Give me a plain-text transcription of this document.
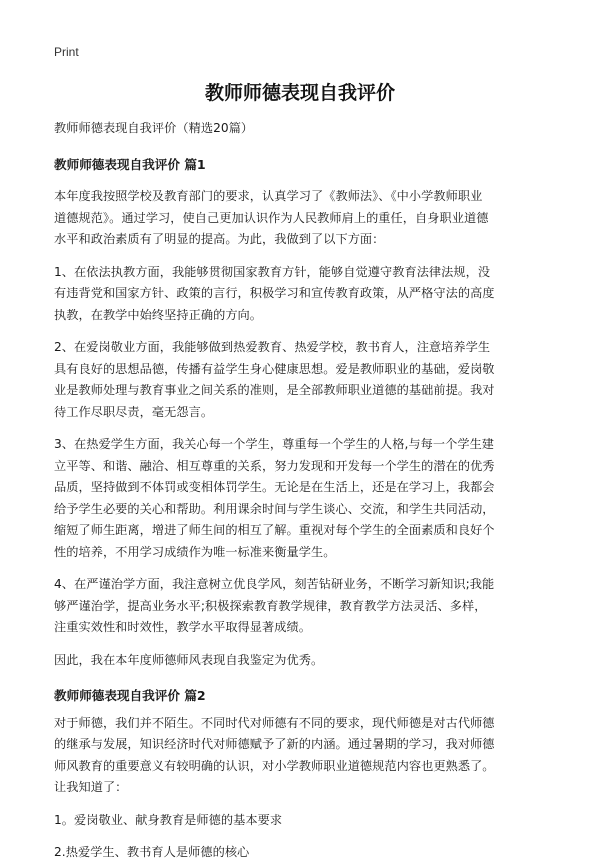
Print
教师师德表现自我评价
教师师德表现自我评价（精选20篇）
教师师德表现自我评价 篇1
本年度我按照学校及教育部门的要求，认真学习了《教师法》、《中小学教师职业
道德规范》。通过学习，使自己更加认识作为人民教师肩上的重任，自身职业道德
水平和政治素质有了明显的提高。为此，我做到了以下方面：
1、在依法执教方面，我能够贯彻国家教育方针，能够自觉遵守教育法律法规，没
有违背党和国家方针、政策的言行，积极学习和宣传教育政策，从严格守法的高度
执教，在教学中始终坚持正确的方向。
2、在爱岗敬业方面，我能够做到热爱教育、热爱学校，教书育人，注意培养学生
具有良好的思想品德，传播有益学生身心健康思想。爱是教师职业的基础，爱岗敬
业是教师处理与教育事业之间关系的准则，是全部教师职业道德的基础前提。我对
待工作尽职尽责，毫无怨言。
3、在热爱学生方面，我关心每一个学生，尊重每一个学生的人格,与每一个学生建
立平等、和谐、融洽、相互尊重的关系，努力发现和开发每一个学生的潜在的优秀
品质，坚持做到不体罚或变相体罚学生。无论是在生活上，还是在学习上，我都会
给予学生必要的关心和帮助。利用课余时间与学生谈心、交流，和学生共同活动，
缩短了师生距离，增进了师生间的相互了解。重视对每个学生的全面素质和良好个
性的培养，不用学习成绩作为唯一标准来衡量学生。
4、在严谨治学方面，我注意树立优良学风，刻苦钻研业务，不断学习新知识;我能
够严谨治学，提高业务水平;积极探索教育教学规律，教育教学方法灵活、多样，
注重实效性和时效性，教学水平取得显著成绩。
因此，我在本年度师德师风表现自我鉴定为优秀。
教师师德表现自我评价 篇2
对于师德，我们并不陌生。不同时代对师德有不同的要求，现代师德是对古代师德
的继承与发展，知识经济时代对师德赋予了新的内涵。通过暑期的学习，我对师德
师风教育的重要意义有较明确的认识，对小学教师职业道德规范内容也更熟悉了。
让我知道了：
1。爱岗敬业、献身教育是师德的基本要求
2.热爱学生、教书育人是师德的核心
